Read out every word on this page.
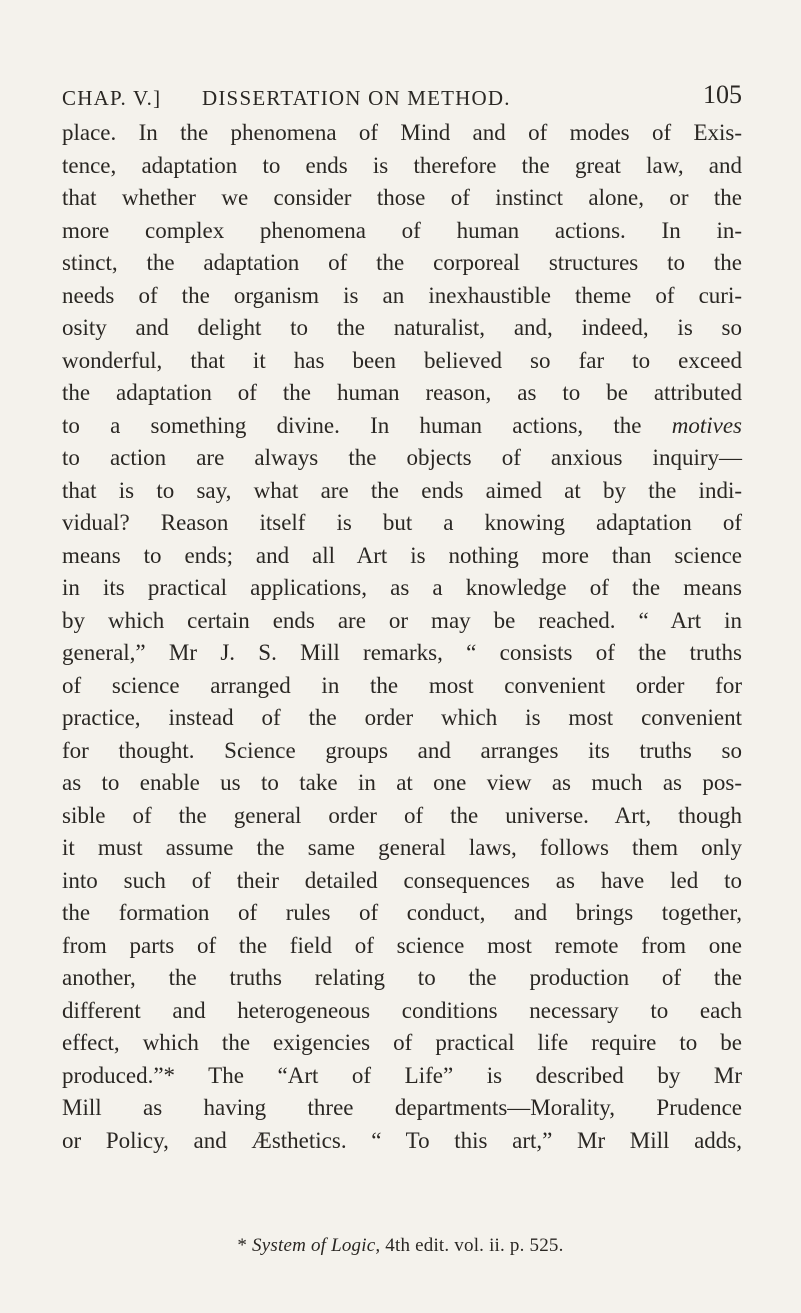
CHAP. V.] DISSERTATION ON METHOD.	105
place. In the phenomena of Mind and of modes of Exis-
tence, adaptation to ends is therefore the great law, and
that whether we consider those of instinct alone, or the
more complex phenomena of human actions. In in-
stinct, the adaptation of the corporeal structures to the
needs of the organism is an inexhaustible theme of curi-
osity and delight to the naturalist, and, indeed, is so
wonderful, that it has been believed so far to exceed
the adaptation of the human reason, as to be attributed
to a something divine. In human actions, the motives
to action are always the objects of anxious inquiry—
that is to say, what are the ends aimed at by the indi-
vidual? Reason itself is but a knowing adaptation of
means to ends; and all Art is nothing more than science
in its practical applications, as a knowledge of the means
by which certain ends are or may be reached. “ Art in
general,” Mr J. S. Mill remarks, “ consists of the truths
of science arranged in the most convenient order for
practice, instead of the order which is most convenient
for thought. Science groups and arranges its truths so
as to enable us to take in at one view as much as pos-
sible of the general order of the universe. Art, though
it must assume the same general laws, follows them only
into such of their detailed consequences as have led to
the formation of rules of conduct, and brings together,
from parts of the field of science most remote from one
another, the truths relating to the production of the
different and heterogeneous conditions necessary to each
effect, which the exigencies of practical life require to be
produced.”* The “Art of Life” is described by Mr
Mill as having three departments—Morality, Prudence
or Policy, and Æsthetics. “ To this art,” Mr Mill adds,
* System of Logic, 4th edit. vol. ii. p. 525.
